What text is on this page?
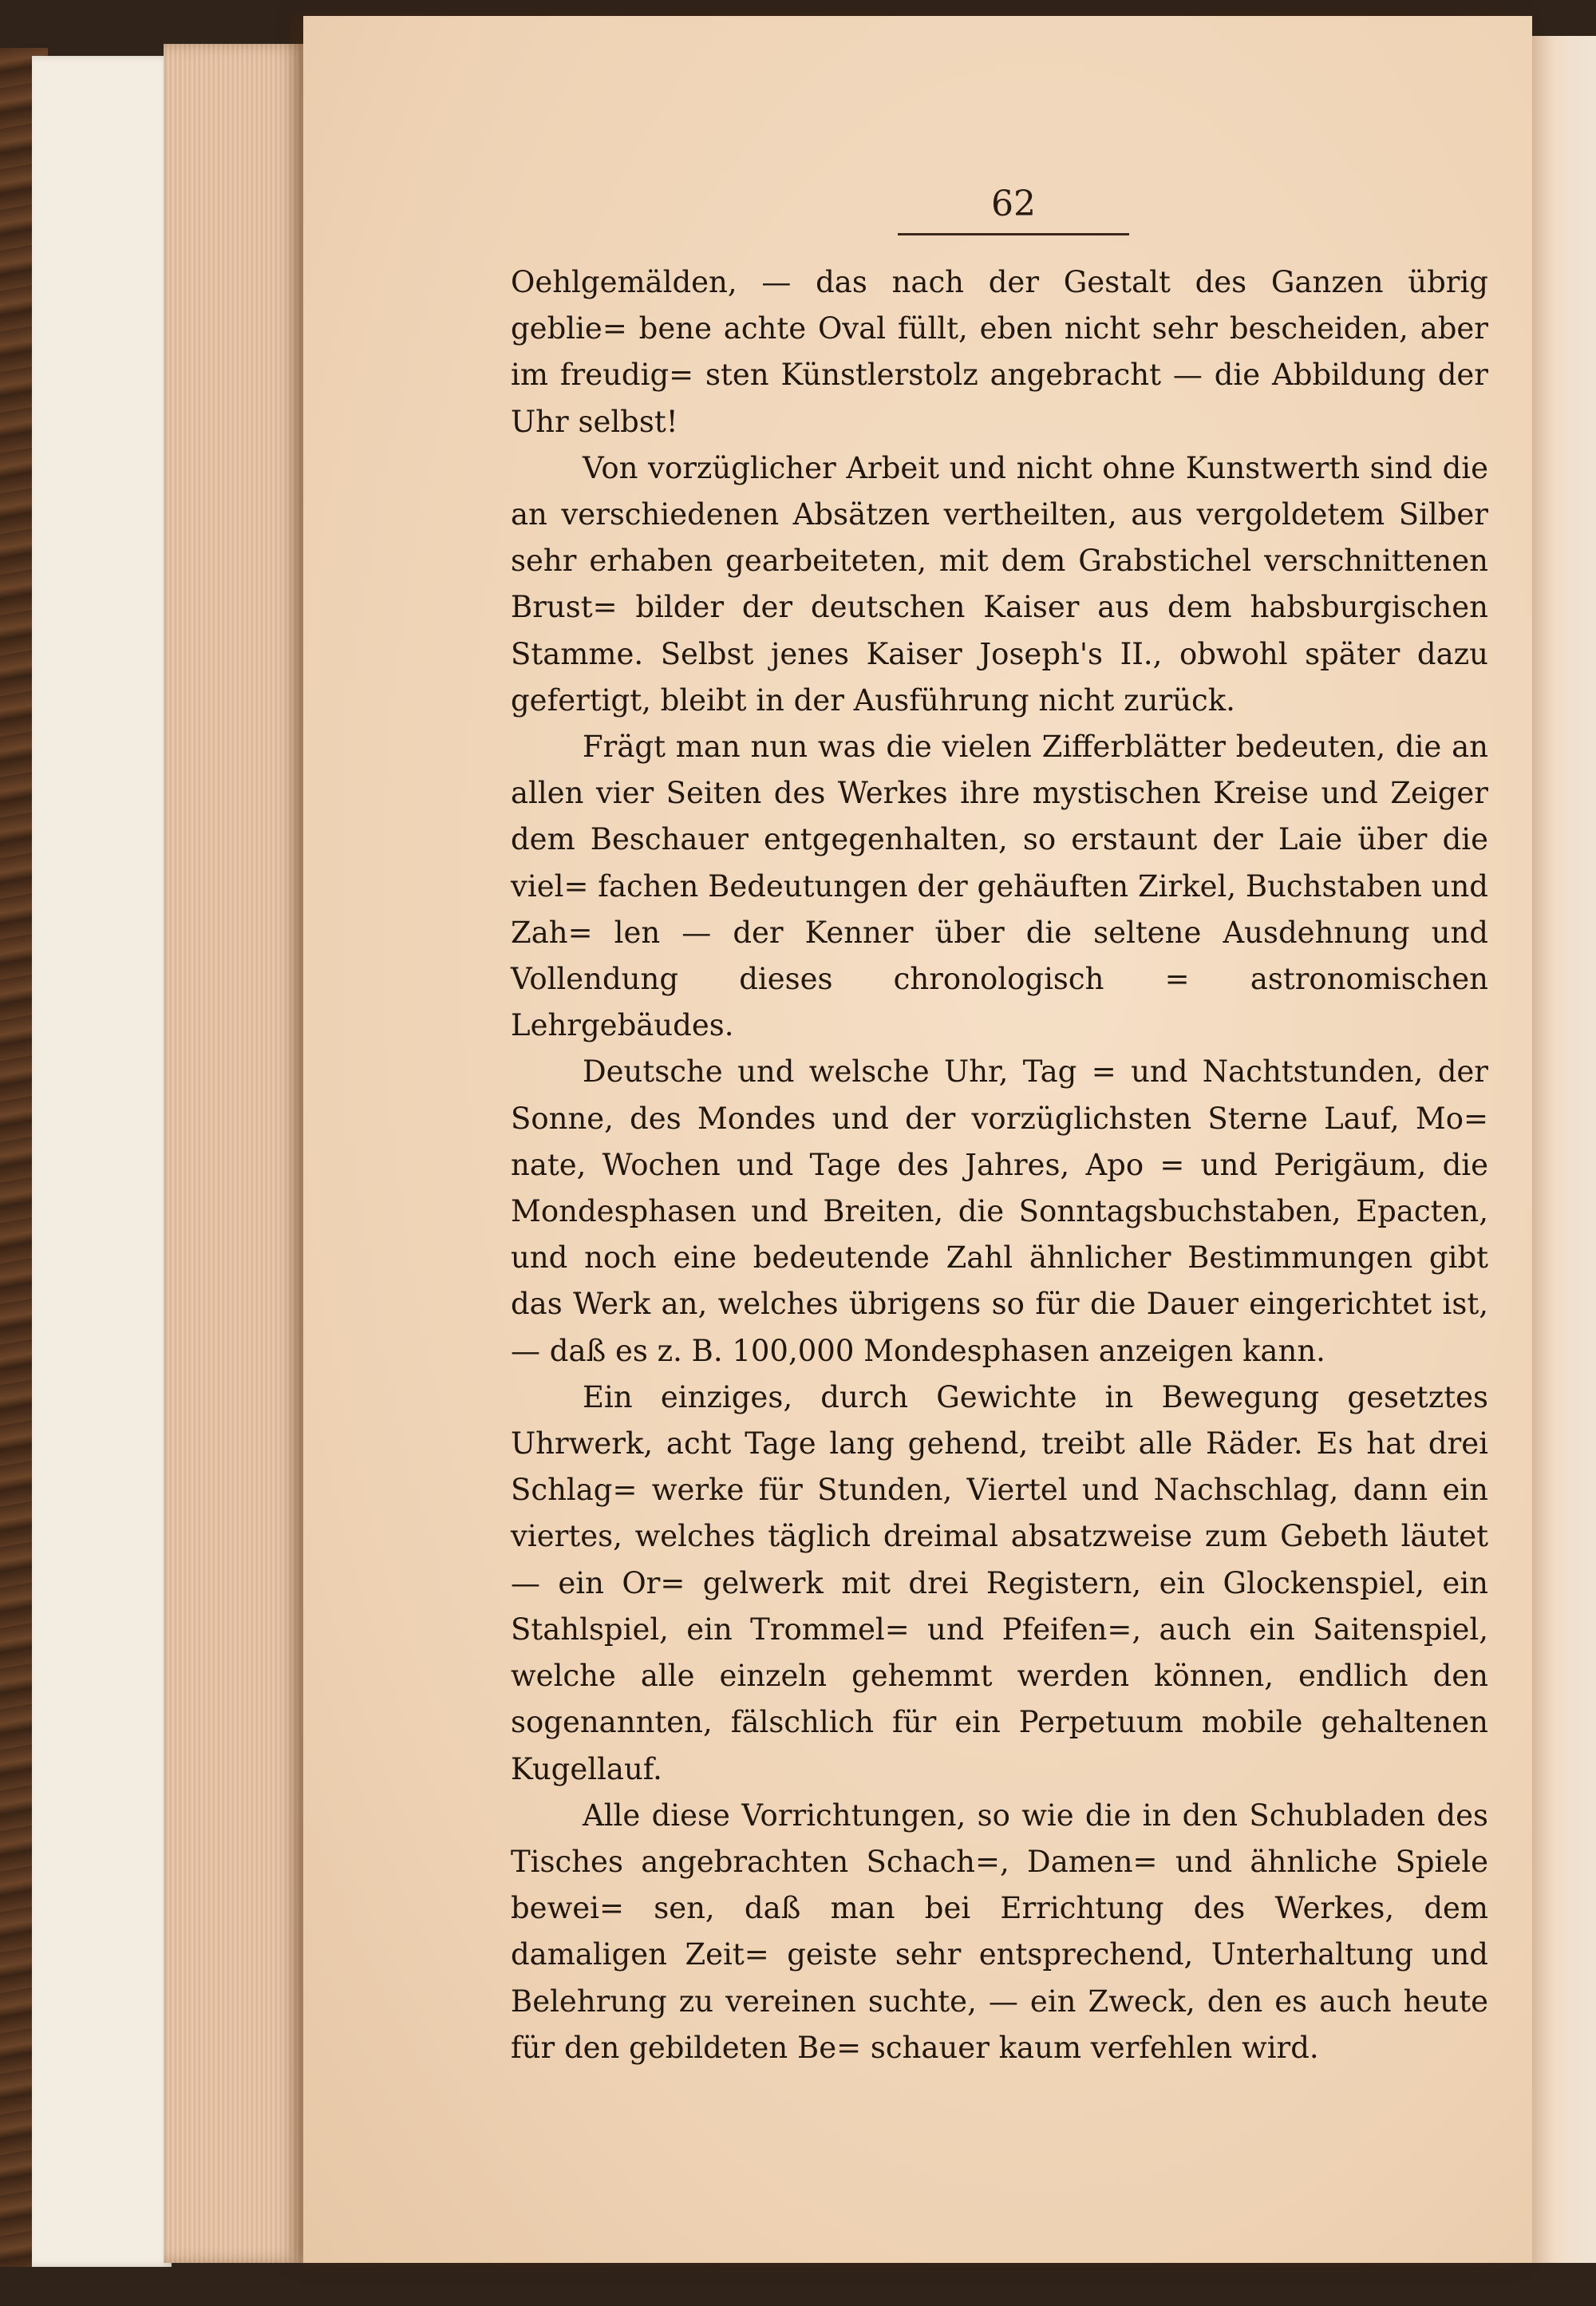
62

Oehlgemälden, — das nach der Gestalt des Ganzen übrig geblie= bene achte Oval füllt, eben nicht sehr bescheiden, aber im freudig= sten Künstlerstolz angebracht — die Abbildung der Uhr selbst!

Von vorzüglicher Arbeit und nicht ohne Kunstwerth sind die an verschiedenen Absätzen vertheilten, aus vergoldetem Silber sehr erhaben gearbeiteten, mit dem Grabstichel verschnittenen Brust= bilder der deutschen Kaiser aus dem habsburgischen Stamme. Selbst jenes Kaiser Joseph's II., obwohl später dazu gefertigt, bleibt in der Ausführung nicht zurück.

Frägt man nun was die vielen Zifferblätter bedeuten, die an allen vier Seiten des Werkes ihre mystischen Kreise und Zeiger dem Beschauer entgegenhalten, so erstaunt der Laie über die viel= fachen Bedeutungen der gehäuften Zirkel, Buchstaben und Zah= len — der Kenner über die seltene Ausdehnung und Vollendung dieses chronologisch = astronomischen Lehrgebäudes.

Deutsche und welsche Uhr, Tag = und Nachtstunden, der Sonne, des Mondes und der vorzüglichsten Sterne Lauf, Mo= nate, Wochen und Tage des Jahres, Apo = und Perigäum, die Mondesphasen und Breiten, die Sonntagsbuchstaben, Epacten, und noch eine bedeutende Zahl ähnlicher Bestimmungen gibt das Werk an, welches übrigens so für die Dauer eingerichtet ist, — daß es z. B. 100,000 Mondesphasen anzeigen kann.

Ein einziges, durch Gewichte in Bewegung gesetztes Uhrwerk, acht Tage lang gehend, treibt alle Räder. Es hat drei Schlag= werke für Stunden, Viertel und Nachschlag, dann ein viertes, welches täglich dreimal absatzweise zum Gebeth läutet — ein Or= gelwerk mit drei Registern, ein Glockenspiel, ein Stahlspiel, ein Trommel= und Pfeifen=, auch ein Saitenspiel, welche alle einzeln gehemmt werden können, endlich den sogenannten, fälschlich für ein Perpetuum mobile gehaltenen Kugellauf.

Alle diese Vorrichtungen, so wie die in den Schubladen des Tisches angebrachten Schach=, Damen= und ähnliche Spiele bewei= sen, daß man bei Errichtung des Werkes, dem damaligen Zeit= geiste sehr entsprechend, Unterhaltung und Belehrung zu vereinen suchte, — ein Zweck, den es auch heute für den gebildeten Be= schauer kaum verfehlen wird.
